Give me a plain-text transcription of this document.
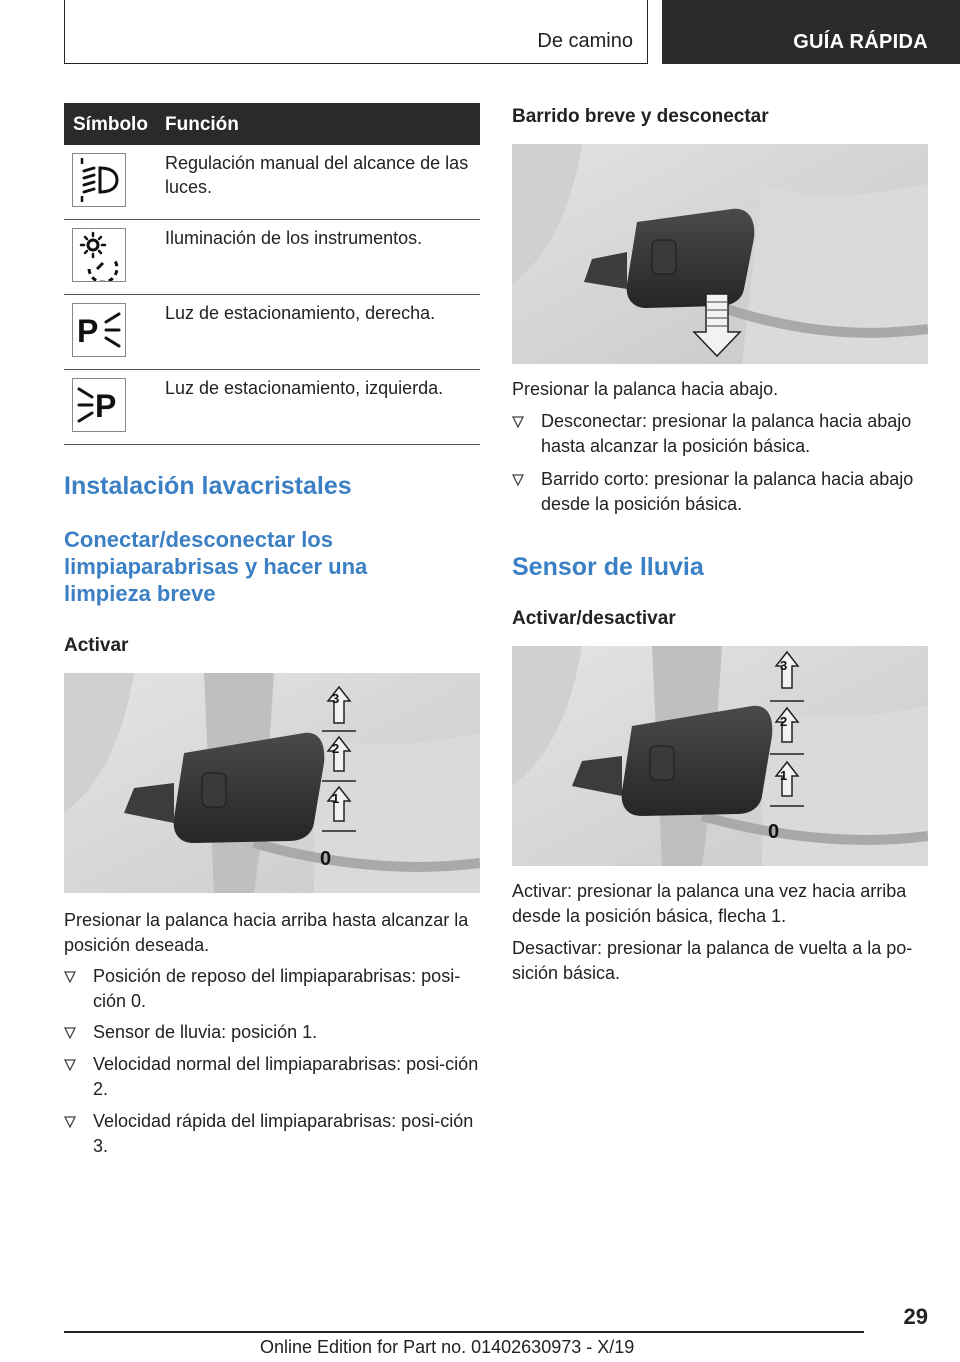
De camino	GUÍA RÁPIDA
Símbolo Función
Regulación manual del alcance de las luces.
Iluminación de los instrumentos.
P	Luz de estacionamiento, derecha.
P	Luz de estacionamiento, izquierda.
Instalación lavacristales
Conectar/desconectar los
limpiaparabrisas y hacer una
limpieza breve
Activar
3
2
1
0
Presionar la palanca hacia arriba hasta alcanzar la posición deseada.
Posición de reposo del limpiaparabrisas: posi-ción 0.
Sensor de lluvia: posición 1.
Velocidad normal del limpiaparabrisas: posi-ción 2.
Velocidad rápida del limpiaparabrisas: posi-ción 3.
Barrido breve y desconectar
Presionar la palanca hacia abajo.
Desconectar: presionar la palanca hacia abajo hasta alcanzar la posición básica.
Barrido corto: presionar la palanca hacia abajo desde la posición básica.
Sensor de lluvia
Activar/desactivar
3
2
1
0
Activar: presionar la palanca una vez hacia arriba desde la posición básica, flecha 1.
Desactivar: presionar la palanca de vuelta a la po-sición básica.
29
Online Edition for Part no. 01402630973 - X/19
